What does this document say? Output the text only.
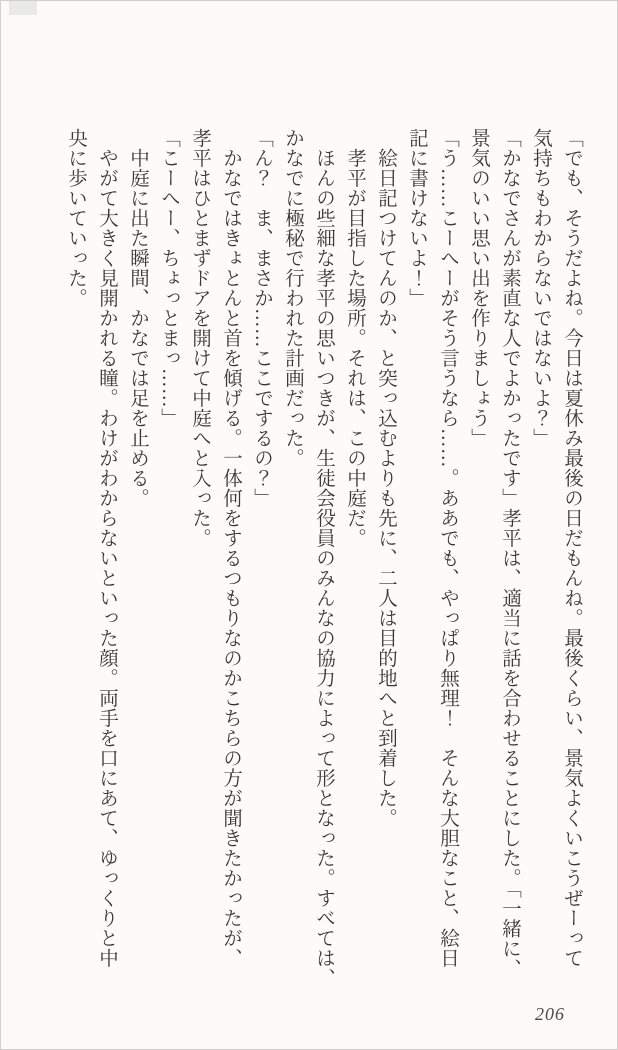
「でも、そうだよね。今日は夏休み最後の日だもんね。最後くらい、景気よくいこうぜーって

気持ちもわからないではないよ？」

「かなでさんが素直な人でよかったです」孝平は、適当に話を合わせることにした。「一緒に、

景気のいい思い出を作りましょう」

「う……こーへーがそう言うなら……。ああでも、やっぱり無理！　そんな大胆なこと、絵日

記に書けないよ！」

　絵日記つけてんのか、と突っ込むよりも先に、二人は目的地へと到着した。

　孝平が目指した場所。それは、この中庭だ。

　ほんの些細な孝平の思いつきが、生徒会役員のみんなの協力によって形となった。すべては、

かなでに極秘で行われた計画だった。

「ん？　ま、まさか……ここでするの？」

　かなではきょとんと首を傾げる。一体何をするつもりなのかこちらの方が聞きたかったが、

孝平はひとまずドアを開けて中庭へと入った。

「こーへー、ちょっとまっ……」

　中庭に出た瞬間、かなでは足を止める。

　やがて大きく見開かれる瞳。わけがわからないといった顔。両手を口にあて、ゆっくりと中

央に歩いていった。

206
